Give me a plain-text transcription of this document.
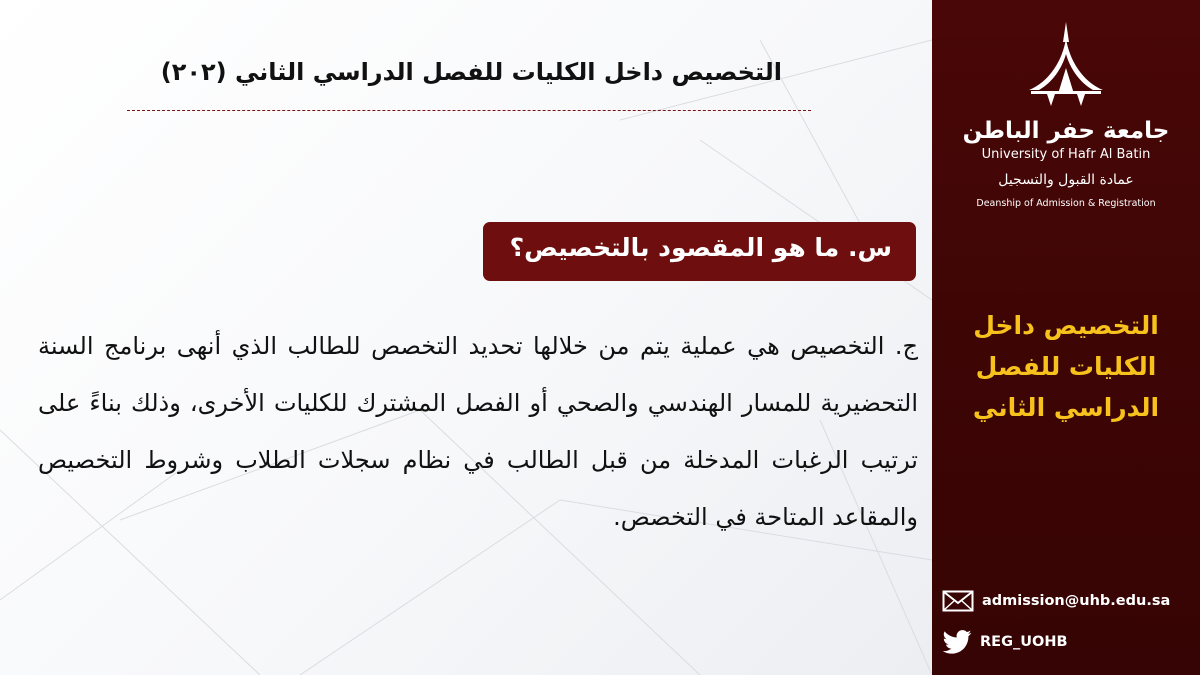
التخصيص داخل الكليات للفصل الدراسي الثاني (٢٠٢)
س. ما هو المقصود بالتخصيص؟
ج. التخصيص هي عملية يتم من خلالها تحديد التخصص للطالب الذي أنهى برنامج السنة التحضيرية للمسار الهندسي والصحي أو الفصل المشترك للكليات الأخرى، وذلك بناءً على ترتيب الرغبات المدخلة من قبل الطالب في نظام سجلات الطلاب وشروط التخصيص والمقاعد المتاحة في التخصص.
جامعة حفر الباطن
University of Hafr Al Batin
عمادة القبول والتسجيل
Deanship of Admission & Registration
التخصيص داخل الكليات للفصل الدراسي الثاني
admission@uhb.edu.sa
REG_UOHB
